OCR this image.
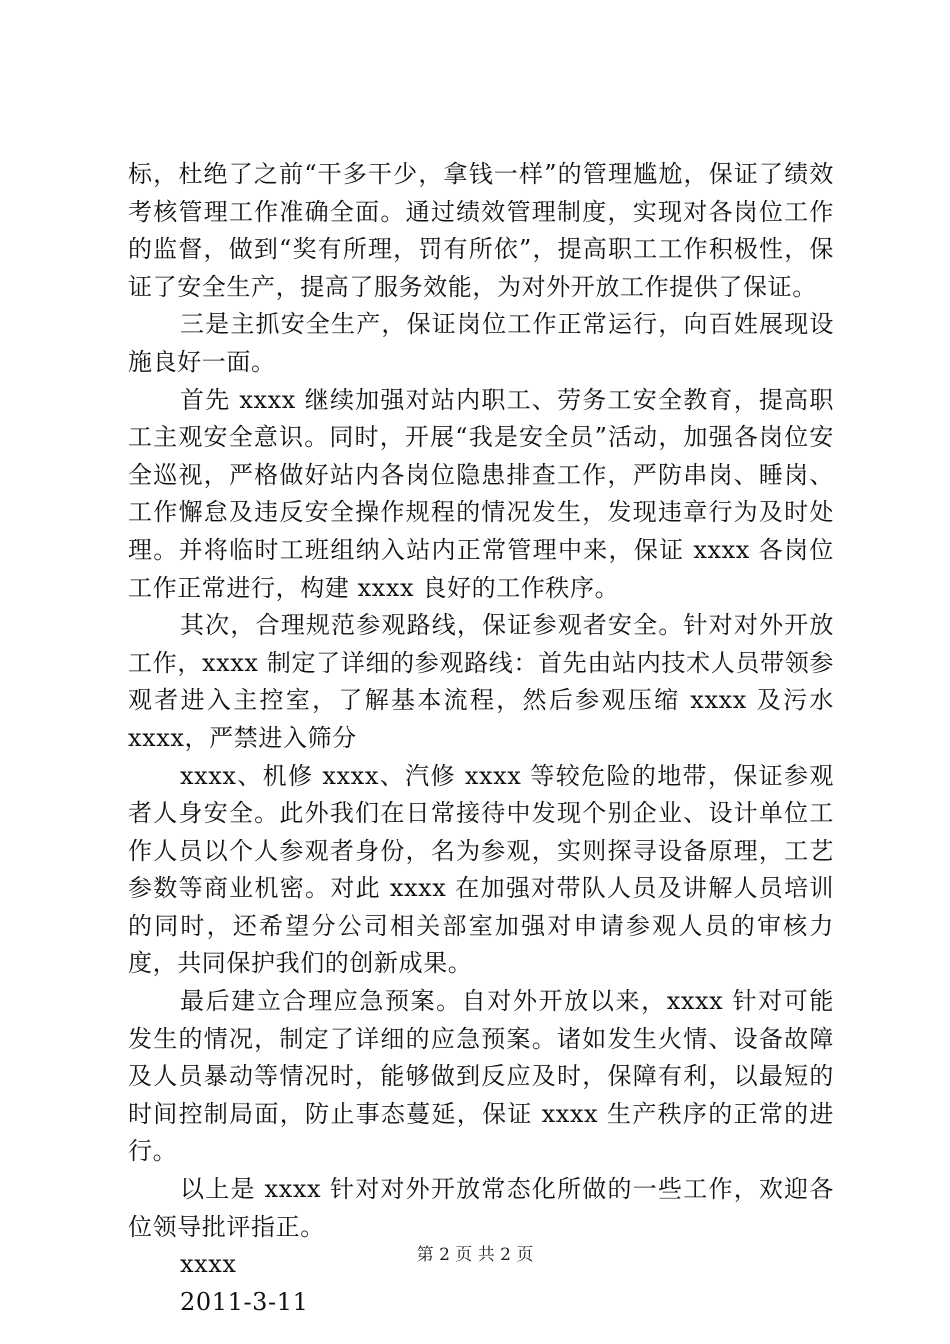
标，杜绝了之前“干多干少，拿钱一样”的管理尴尬，保证了绩效考核管理工作准确全面。通过绩效管理制度，实现对各岗位工作的监督，做到“奖有所理，罚有所依”，提高职工工作积极性，保证了安全生产，提高了服务效能，为对外开放工作提供了保证。

三是主抓安全生产，保证岗位工作正常运行，向百姓展现设施良好一面。

首先 xxxx 继续加强对站内职工、劳务工安全教育，提高职工主观安全意识。同时，开展“我是安全员”活动，加强各岗位安全巡视，严格做好站内各岗位隐患排查工作，严防串岗、睡岗、工作懈怠及违反安全操作规程的情况发生，发现违章行为及时处理。并将临时工班组纳入站内正常管理中来，保证 xxxx 各岗位工作正常进行，构建 xxxx 良好的工作秩序。

其次，合理规范参观路线，保证参观者安全。针对对外开放工作，xxxx 制定了详细的参观路线：首先由站内技术人员带领参观者进入主控室，了解基本流程，然后参观压缩 xxxx 及污水 xxxx，严禁进入筛分

xxxx、机修 xxxx、汽修 xxxx 等较危险的地带，保证参观者人身安全。此外我们在日常接待中发现个别企业、设计单位工作人员以个人参观者身份，名为参观，实则探寻设备原理，工艺参数等商业机密。对此 xxxx 在加强对带队人员及讲解人员培训的同时，还希望分公司相关部室加强对申请参观人员的审核力度，共同保护我们的创新成果。

最后建立合理应急预案。自对外开放以来，xxxx 针对可能发生的情况，制定了详细的应急预案。诸如发生火情、设备故障及人员暴动等情况时，能够做到反应及时，保障有利，以最短的时间控制局面，防止事态蔓延，保证 xxxx 生产秩序的正常的进行。

以上是 xxxx 针对对外开放常态化所做的一些工作，欢迎各位领导批评指正。

xxxx

2011-3-11

第 2 页 共 2 页
